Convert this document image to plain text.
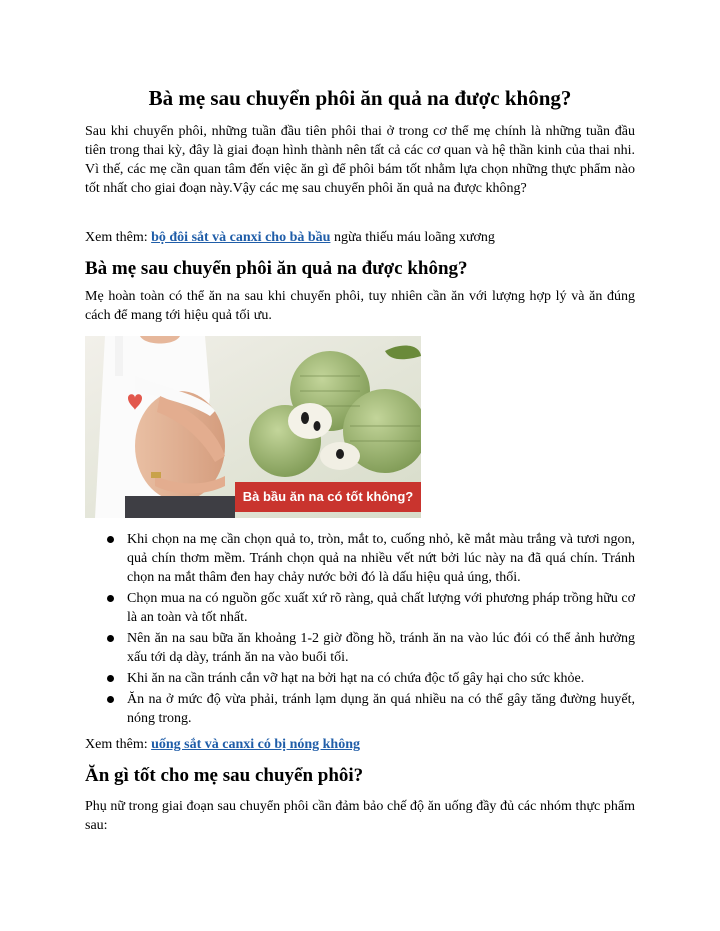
Bà mẹ sau chuyển phôi ăn quả na được không?

Sau khi chuyển phôi, những tuần đầu tiên phôi thai ở trong cơ thể mẹ chính là những tuần đầu tiên trong thai kỳ, đây là giai đoạn hình thành nên tất cả các cơ quan và hệ thần kinh của thai nhi. Vì thế, các mẹ cần quan tâm đến việc ăn gì để phôi bám tốt nhằm lựa chọn những thực phẩm nào tốt nhất cho giai đoạn này.Vậy các mẹ sau chuyển phôi ăn quả na được không?

Xem thêm: bộ đôi sắt và canxi cho bà bầu ngừa thiếu máu loãng xương
Bà mẹ sau chuyển phôi ăn quả na được không?

Mẹ hoàn toàn có thể ăn na sau khi chuyển phôi, tuy nhiên cần ăn với lượng hợp lý và ăn đúng cách để mang tới hiệu quả tối ưu.

Bà bầu ăn na có tốt không?
Khi chọn na mẹ cần chọn quả to, tròn, mắt to, cuống nhỏ, kẽ mắt màu trắng và tươi ngon, quả chín thơm mềm. Tránh chọn quả na nhiều vết nứt bởi lúc này na đã quá chín. Tránh chọn na mắt thâm đen hay chảy nước bởi đó là dấu hiệu quả úng, thối.
Chọn mua na có nguồn gốc xuất xứ rõ ràng, quả chất lượng với phương pháp trồng hữu cơ là an toàn và tốt nhất.
Nên ăn na sau bữa ăn khoảng 1-2 giờ đồng hồ, tránh ăn na vào lúc đói có thể ảnh hưởng xấu tới dạ dày, tránh ăn na vào buổi tối.
Khi ăn na cần tránh cắn vỡ hạt na bởi hạt na có chứa độc tố gây hại cho sức khỏe.
Ăn na ở mức độ vừa phải, tránh lạm dụng ăn quá nhiều na có thể gây tăng đường huyết, nóng trong.
Xem thêm: uống sắt và canxi có bị nóng không
Ăn gì tốt cho mẹ sau chuyển phôi?

Phụ nữ trong giai đoạn sau chuyển phôi cần đảm bảo chế độ ăn uống đầy đủ các nhóm thực phẩm sau:
